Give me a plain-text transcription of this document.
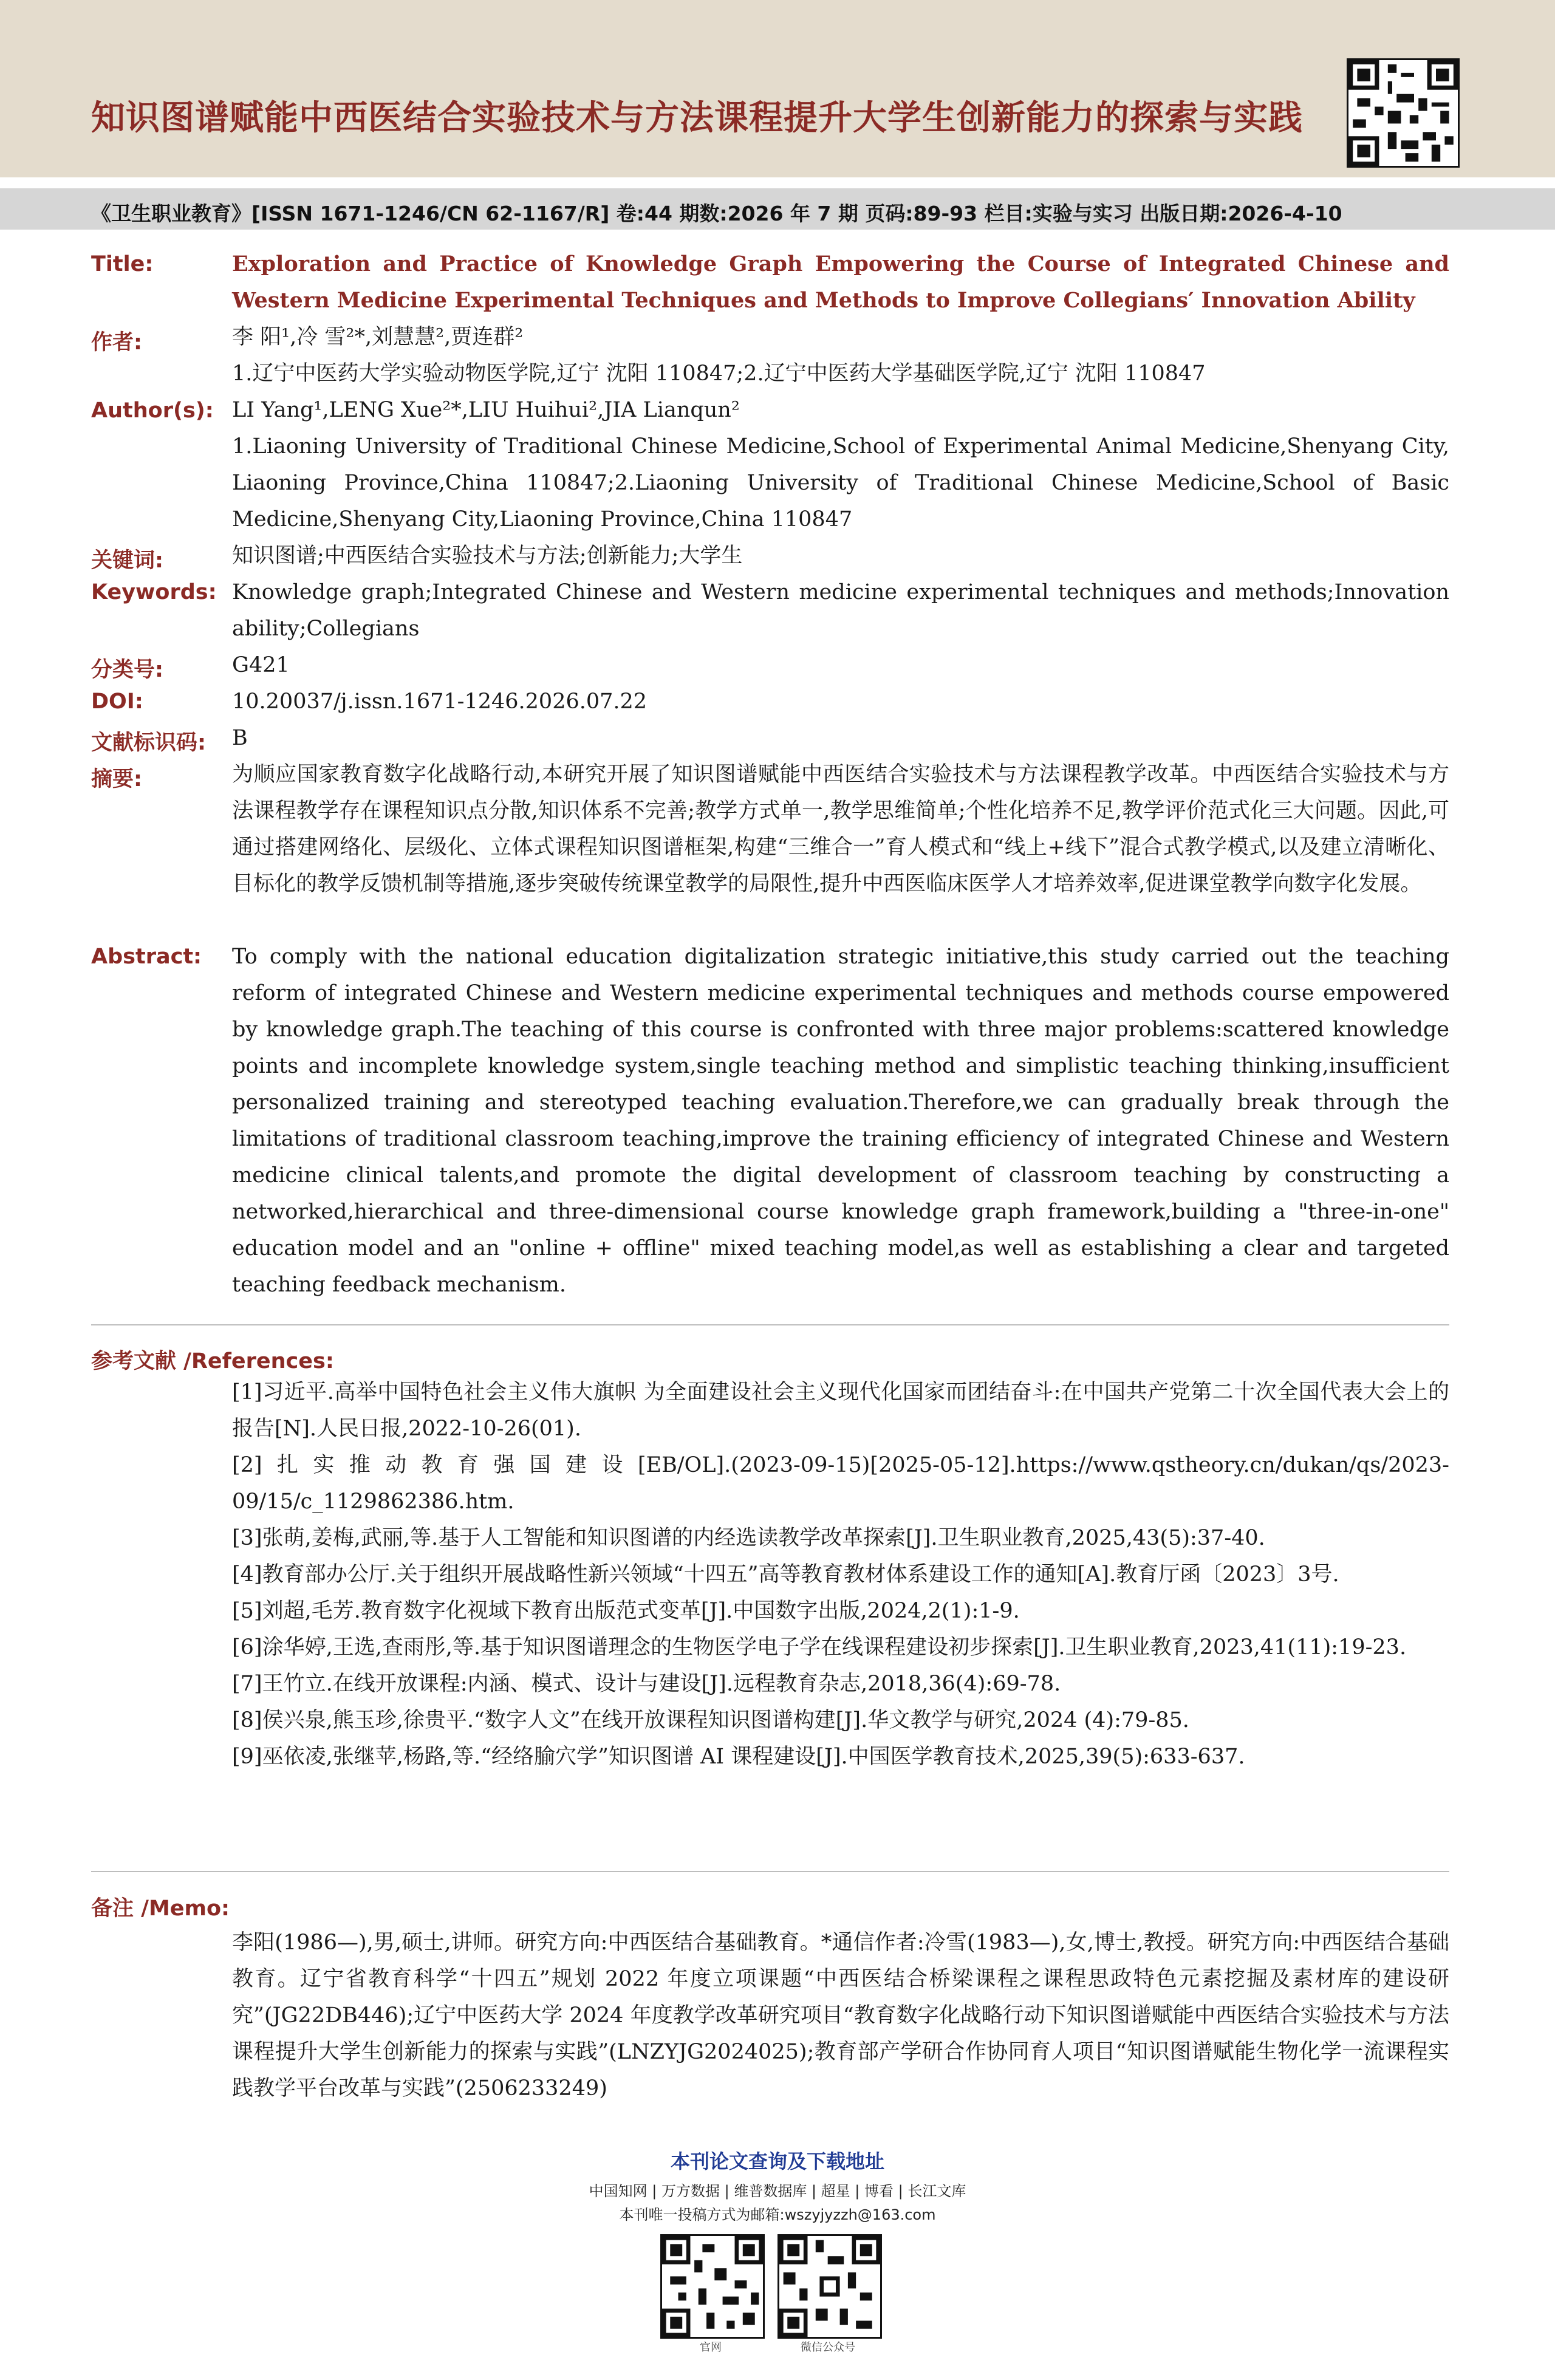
知识图谱赋能中西医结合实验技术与方法课程提升大学生创新能力的探索与实践
《卫生职业教育》[ISSN 1671-1246/CN 62-1167/R] 卷:44 期数:2026 年 7 期 页码:89-93 栏目:实验与实习 出版日期:2026-4-10
Title:	Exploration and Practice of Knowledge Graph Empowering the Course of Integrated Chinese and Western Medicine Experimental Techniques and Methods to Improve Collegians′ Innovation Ability
作者:	李 阳¹,冷 雪²*,刘慧慧²,贾连群²

1.辽宁中医药大学实验动物医学院,辽宁 沈阳 110847;2.辽宁中医药大学基础医学院,辽宁 沈阳 110847

Author(s): LI Yang¹,LENG Xue²*,LIU Huihui²,JIA Lianqun²

1.Liaoning University of Traditional Chinese Medicine,School of Experimental Animal Medicine,Shenyang City, Liaoning Province,China 110847;2.Liaoning University of Traditional Chinese Medicine,School of Basic Medicine,Shenyang City,Liaoning Province,China 110847

关键词:	知识图谱;中西医结合实验技术与方法;创新能力;大学生
Keywords: Knowledge graph;Integrated Chinese and Western medicine experimental techniques and methods;Innovation ability;Collegians
分类号:	G421
DOI:	10.20037/j.issn.1671-1246.2026.07.22
文献标识码: B
摘要:	为顺应国家教育数字化战略行动,本研究开展了知识图谱赋能中西医结合实验技术与方法课程教学改革。中西医结合实验技术与方法课程教学存在课程知识点分散,知识体系不完善;教学方式单一,教学思维简单;个性化培养不足,教学评价范式化三大问题。因此,可通过搭建网络化、层级化、立体式课程知识图谱框架,构建“三维合一”育人模式和“线上+线下”混合式教学模式,以及建立清晰化、目标化的教学反馈机制等措施,逐步突破传统课堂教学的局限性,提升中西医临床医学人才培养效率,促进课堂教学向数字化发展。
Abstract: To comply with the national education digitalization strategic initiative,this study carried out the teaching reform of integrated Chinese and Western medicine experimental techniques and methods course empowered by knowledge graph.The teaching of this course is confronted with three major problems:scattered knowledge points and incomplete knowledge system,single teaching method and simplistic teaching thinking,insufficient personalized training and stereotyped teaching evaluation.Therefore,we can gradually break through the limitations of traditional classroom teaching,improve the training efficiency of integrated Chinese and Western medicine clinical talents,and promote the digital development of classroom teaching by constructing a networked,hierarchical and three-dimensional course knowledge graph framework,building a "three-in-one" education model and an "online + offline" mixed teaching model,as well as establishing a clear and targeted teaching feedback mechanism.
参考文献 /References:

[1]习近平.高举中国特色社会主义伟大旗帜 为全面建设社会主义现代化国家而团结奋斗:在中国共产党第二十次全国代表大会上的报告[N].人民日报,2022-10-26(01).

[2]扎实推动教育强国建设[EB/OL].(2023-09-15)[2025-05-12].https://www.qstheory.cn/dukan/qs/2023-09/15/c_1129862386.htm.

[3]张萌,姜梅,武丽,等.基于人工智能和知识图谱的内经选读教学改革探索[J].卫生职业教育,2025,43(5):37-40.

[4]教育部办公厅.关于组织开展战略性新兴领域“十四五”高等教育教材体系建设工作的通知[A].教育厅函〔2023〕3号.

[5]刘超,毛芳.教育数字化视域下教育出版范式变革[J].中国数字出版,2024,2(1):1-9.

[6]涂华婷,王选,查雨彤,等.基于知识图谱理念的生物医学电子学在线课程建设初步探索[J].卫生职业教育,2023,41(11):19-23.

[7]王竹立.在线开放课程:内涵、模式、设计与建设[J].远程教育杂志,2018,36(4):69-78.

[8]侯兴泉,熊玉珍,徐贵平.“数字人文”在线开放课程知识图谱构建[J].华文教学与研究,2024 (4):79-85.

[9]巫依凌,张继苹,杨路,等.“经络腧穴学”知识图谱 AI 课程建设[J].中国医学教育技术,2025,39(5):633-637.

备注 /Memo:

李阳(1986—),男,硕士,讲师。研究方向:中西医结合基础教育。*通信作者:冷雪(1983—),女,博士,教授。研究方向:中西医结合基础教育。辽宁省教育科学“十四五”规划 2022 年度立项课题“中西医结合桥梁课程之课程思政特色元素挖掘及素材库的建设研究”(JG22DB446);辽宁中医药大学 2024 年度教学改革研究项目“教育数字化战略行动下知识图谱赋能中西医结合实验技术与方法课程提升大学生创新能力的探索与实践”(LNZYJG2024025);教育部产学研合作协同育人项目“知识图谱赋能生物化学一流课程实践教学平台改革与实践”(2506233249)

本刊论文查询及下载地址
中国知网 | 万方数据 | 维普数据库 | 超星 | 博看 | 长江文库
本刊唯一投稿方式为邮箱:wszyjyzzh@163.com
官网	微信公众号
